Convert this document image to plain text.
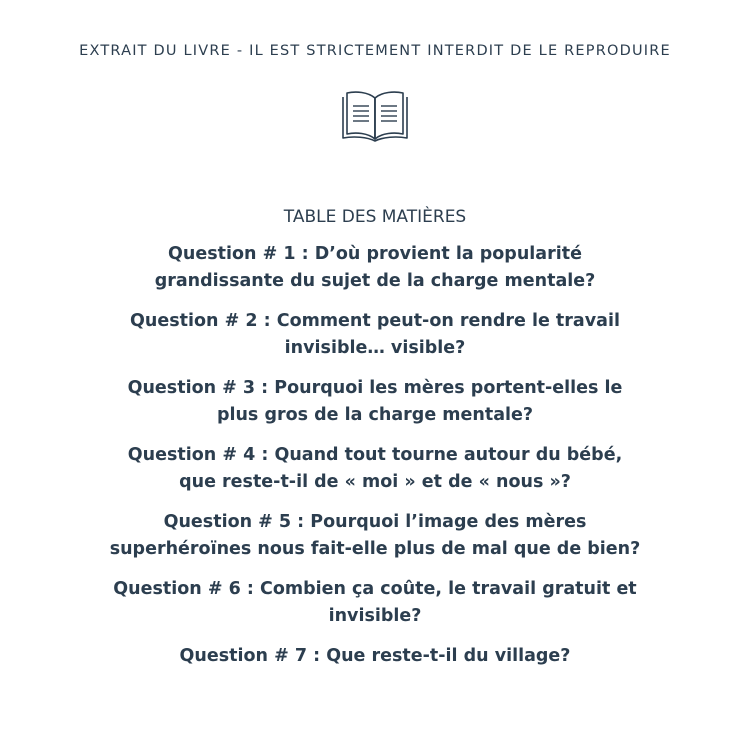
EXTRAIT DU LIVRE - IL EST STRICTEMENT INTERDIT DE LE REPRODUIRE
TABLE DES MATIÈRES
Question # 1 : D’où provient la popularité
grandissante du sujet de la charge mentale?
Question # 2 : Comment peut-on rendre le travail
invisible… visible?
Question # 3 : Pourquoi les mères portent-elles le
plus gros de la charge mentale?
Question # 4 : Quand tout tourne autour du bébé,
que reste-t-il de « moi » et de « nous »?
Question # 5 : Pourquoi l’image des mères
superhéroïnes nous fait-elle plus de mal que de bien?
Question # 6 : Combien ça coûte, le travail gratuit et
invisible?
Question # 7 : Que reste-t-il du village?
